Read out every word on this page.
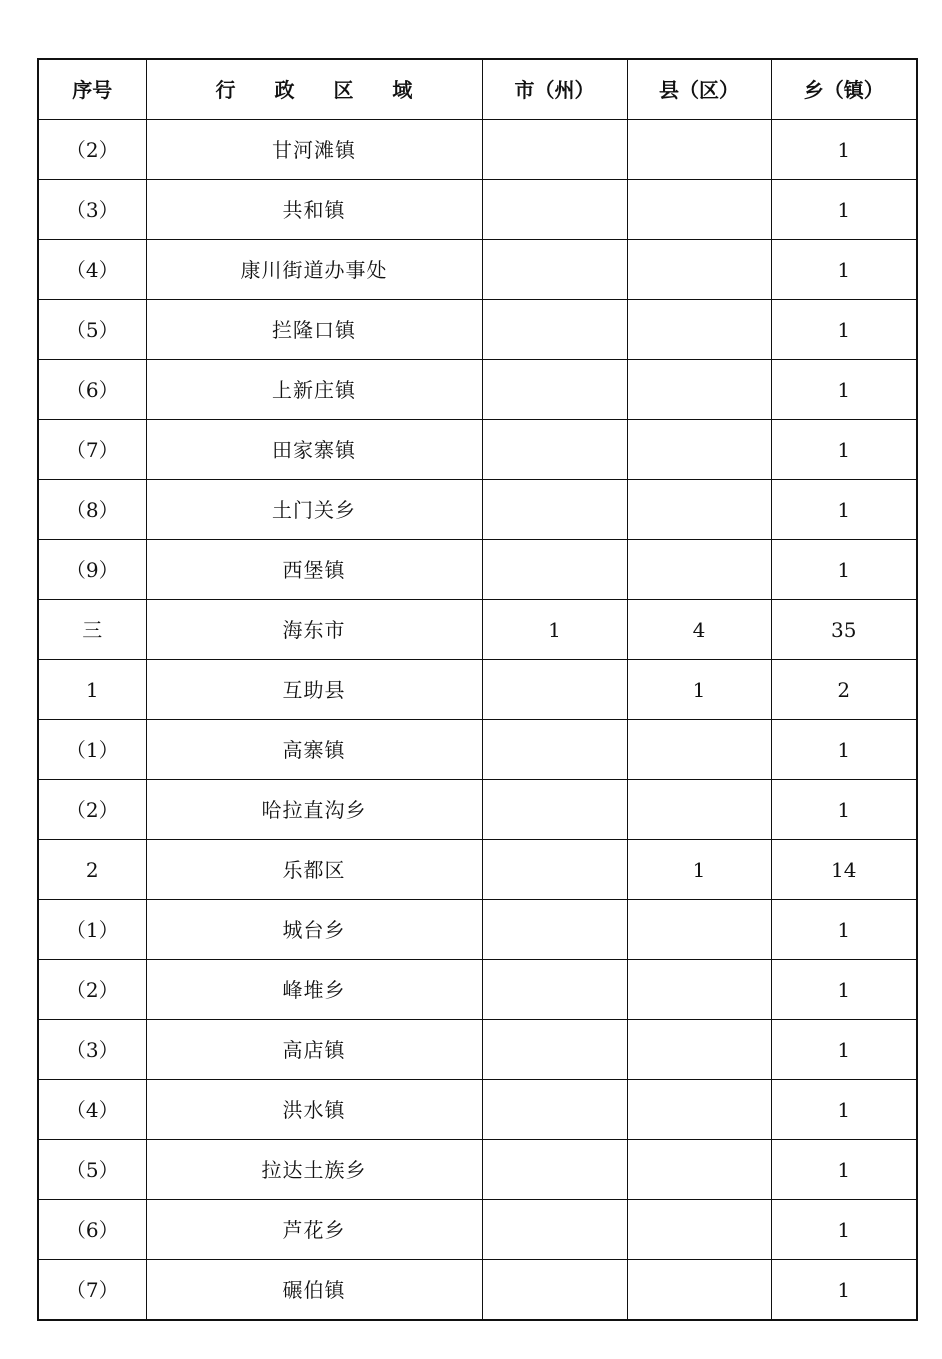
序号	行 政 区 域	市（州）	县（区）	乡（镇）
（2）	甘河滩镇			1
（3）	共和镇			1
（4）	康川街道办事处			1
（5）	拦隆口镇			1
（6）	上新庄镇			1
（7）	田家寨镇			1
（8）	土门关乡			1
（9）	西堡镇			1
三	海东市	1	4	35
1	互助县		1	2
（1）	高寨镇			1
（2）	哈拉直沟乡			1
2	乐都区		1	14
（1）	城台乡			1
（2）	峰堆乡			1
（3）	高店镇			1
（4）	洪水镇			1
（5）	拉达土族乡			1
（6）	芦花乡			1
（7）	碾伯镇			1
